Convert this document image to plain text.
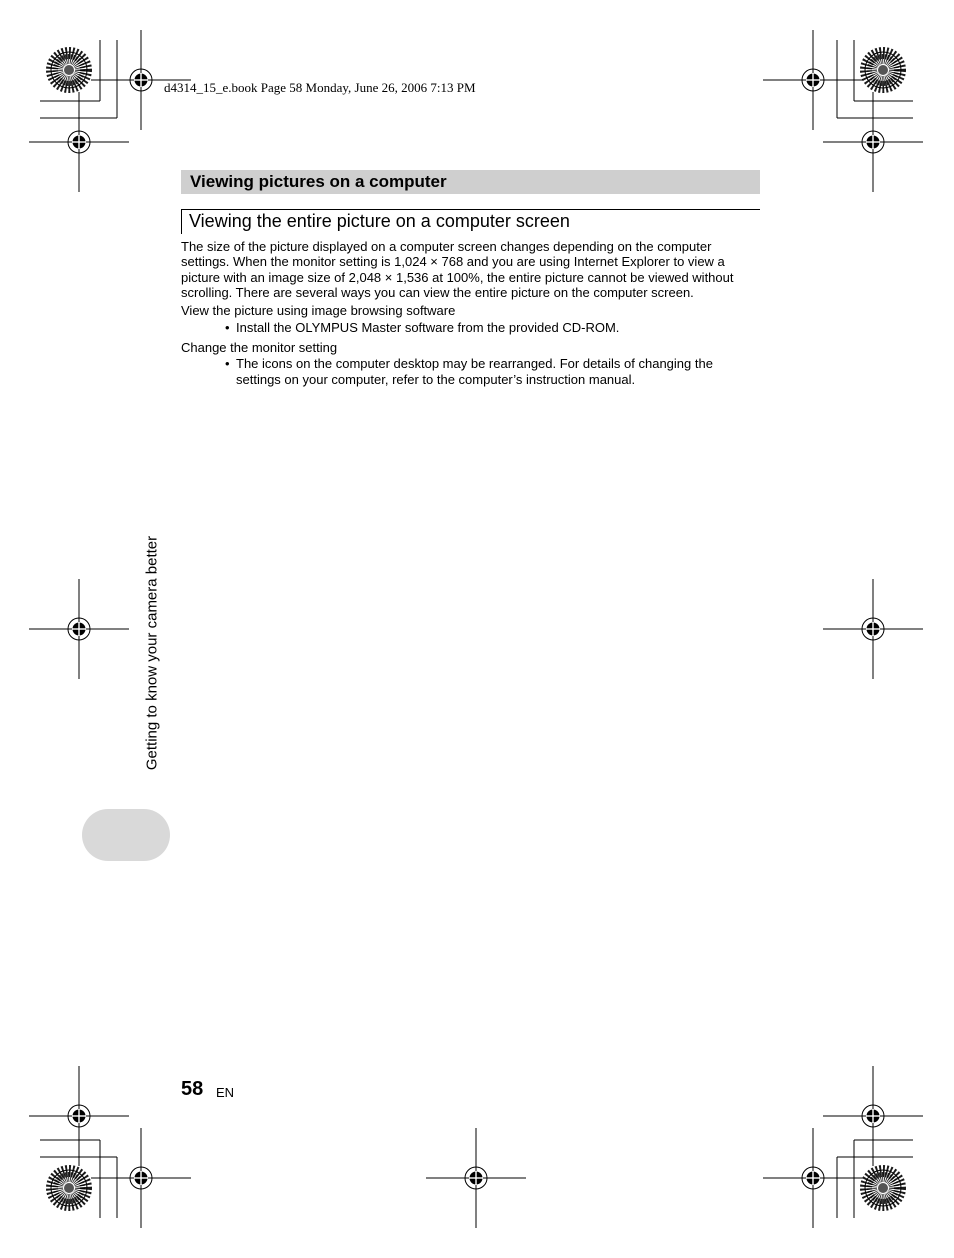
d4314_15_e.book Page 58 Monday, June 26, 2006 7:13 PM
Viewing pictures on a computer
Viewing the entire picture on a computer screen
The size of the picture displayed on a computer screen changes depending on the computer
settings. When the monitor setting is 1,024 × 768 and you are using Internet Explorer to view a
picture with an image size of 2,048 × 1,536 at 100%, the entire picture cannot be viewed without
scrolling. There are several ways you can view the entire picture on the computer screen.
View the picture using image browsing software
• Install the OLYMPUS Master software from the provided CD-ROM.
Change the monitor setting
• The icons on the computer desktop may be rearranged. For details of changing the
settings on your computer, refer to the computer’s instruction manual.
Getting to know your camera better
58 EN
